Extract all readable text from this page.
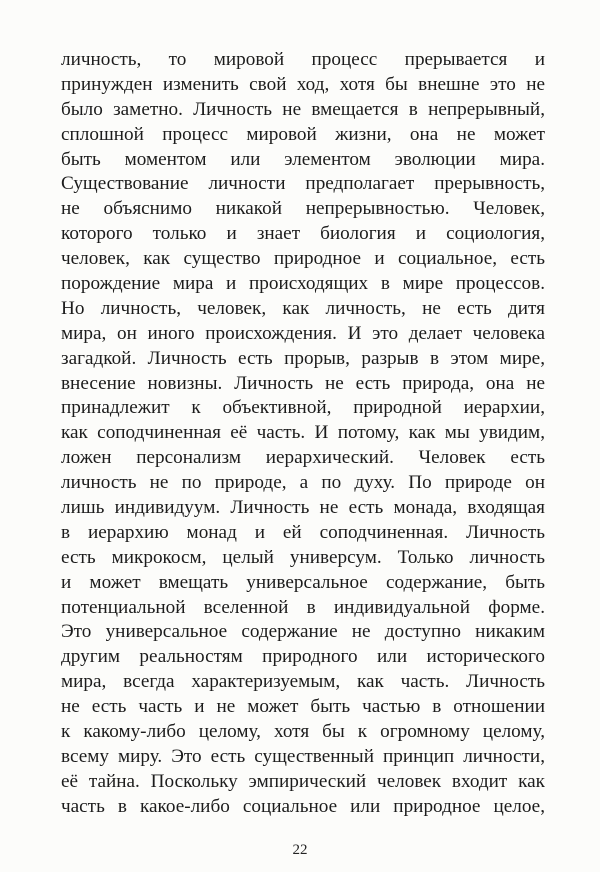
личность, то мировой процесс прерывается и
принужден изменить свой ход, хотя бы внешне это не
было заметно. Личность не вмещается в непрерывный,
сплошной процесс мировой жизни, она не может
быть моментом или элементом эволюции мира.
Существование личности предполагает прерывность,
не объяснимо никакой непрерывностью. Человек,
которого только и знает биология и социология,
человек, как существо природное и социальное, есть
порождение мира и происходящих в мире процессов.
Но личность, человек, как личность, не есть дитя
мира, он иного происхождения. И это делает человека
загадкой. Личность есть прорыв, разрыв в этом мире,
внесение новизны. Личность не есть природа, она не
принадлежит к объективной, природной иерархии,
как соподчиненная её часть. И потому, как мы увидим,
ложен персонализм иерархический. Человек есть
личность не по природе, а по духу. По природе он
лишь индивидуум. Личность не есть монада, входящая
в иерархию монад и ей соподчиненная. Личность
есть микрокосм, целый универсум. Только личность
и может вмещать универсальное содержание, быть
потенциальной вселенной в индивидуальной форме.
Это универсальное содержание не доступно никаким
другим реальностям природного или исторического
мира, всегда характеризуемым, как часть. Личность
не есть часть и не может быть частью в отношении
к какому-либо целому, хотя бы к огромному целому,
всему миру. Это есть существенный принцип личности,
её тайна. Поскольку эмпирический человек входит как
часть в какое-либо социальное или природное целое,
22
